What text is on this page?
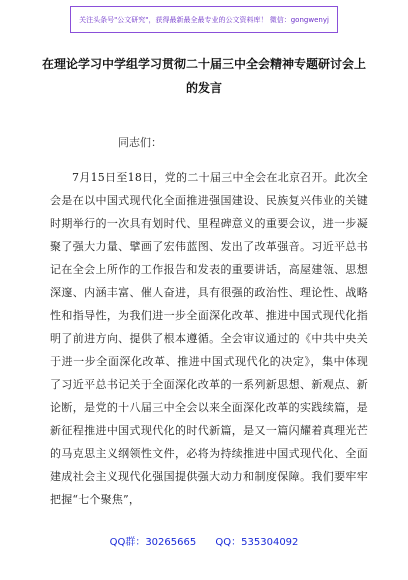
关注头条号"公文研究"，获得最新最全最专业的公文资料库！ 微信：gongwenyj
在理论学习中学组学习贯彻二十届三中全会精神专题研讨会上的发言
同志们：

7月15日至18日，党的二十届三中全会在北京召开。此次全会是在以中国式现代化全面推进强国建设、民族复兴伟业的关键时期举行的一次具有划时代、里程碑意义的重要会议，进一步凝聚了强大力量、擘画了宏伟蓝图、发出了改革强音。习近平总书记在全会上所作的工作报告和发表的重要讲话，高屋建瓴、思想深邃、内涵丰富、催人奋进，具有很强的政治性、理论性、战略性和指导性，为我们进一步全面深化改革、推进中国式现代化指明了前进方向、提供了根本遵循。全会审议通过的《中共中央关于进一步全面深化改革、推进中国式现代化的决定》，集中体现了习近平总书记关于全面深化改革的一系列新思想、新观点、新论断，是党的十八届三中全会以来全面深化改革的实践续篇，是新征程推进中国式现代化的时代新篇，是又一篇闪耀着真理光芒的马克思主义纲领性文件，必将为持续推进中国式现代化、全面建成社会主义现代化强国提供强大动力和制度保障。我们要牢牢把握“七个聚焦”，

QQ群：30265665 QQ：535304092
